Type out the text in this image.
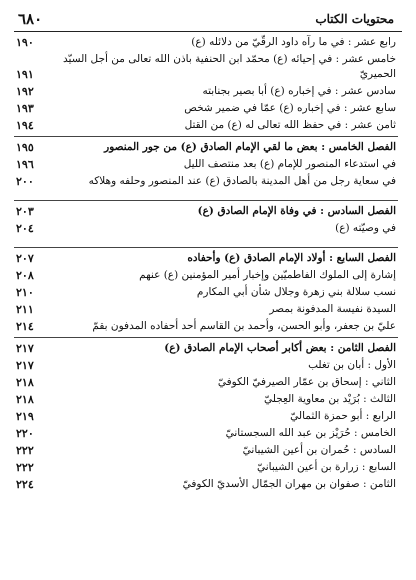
٦٨٠	محتويات الكتاب
رابع عشر : في ما رآه داود الرقّيّ من دلائله (ع)
١٩٠
خامس عشر : في إحيائه (ع) محمّد ابن الحنفية باذن الله تعالى من أجل السيّد
الحميريّ
١٩١
سادس عشر : في إخباره (ع) أبا بصير بجنابته
١٩٢
سابع عشر : في إخباره (ع) عمّا في ضمير شخص
١٩٣
ثامن عشر : في حفظ الله تعالى له (ع) من القتل
١٩٤
الفصل الخامس : بعض ما لقي الإمام الصادق (ع) من جور المنصور
١٩٥
في استدعاء المنصور للإمام (ع) بعد منتصف الليل
١٩٦
في سعاية رجل من أهل المدينة بالصادق (ع) عند المنصور وحلفه وهلاكه
٢٠٠
الفصل السادس : في وفاة الإمام الصادق (ع)
٢٠٣
في وصيّته (ع)
٢٠٤
الفصل السابع : أولاد الإمام الصادق (ع) وأحفاده
٢٠٧
إشارة إلى الملوك الفاطميّين وإخبار أمير المؤمنين (ع) عنهم
٢٠٨
نسب سلالة بني زهرة وجلال شأن أبي المكارم
٢١٠
السيدة نفيسة المدفونة بمصر
٢١١
عليّ بن جعفر، وأبو الحسن، وأحمد بن القاسم أحد أحفاده المدفون بقمّ
٢١٤
الفصل الثامن : بعض أكابر أصحاب الإمام الصادق (ع)
٢١٧
الأول : أبان بن تغلب
٢١٧
الثاني : إسحاق بن عمّار الصيرفيّ الكوفيّ
٢١٨
الثالث : بُرَيْد بن معاوية العِجليّ
٢١٨
الرابع : أبو حمزة الثماليّ
٢١٩
الخامس : حُرَيْز بن عبد الله السجستانيّ
٢٢٠
السادس : حُمران بن أعين الشيبانيّ
٢٢٢
السابع : زرارة بن أعين الشيبانيّ
٢٢٢
الثامن : صفوان بن مهران الجمّال الأسديّ الكوفيّ
٢٢٤
